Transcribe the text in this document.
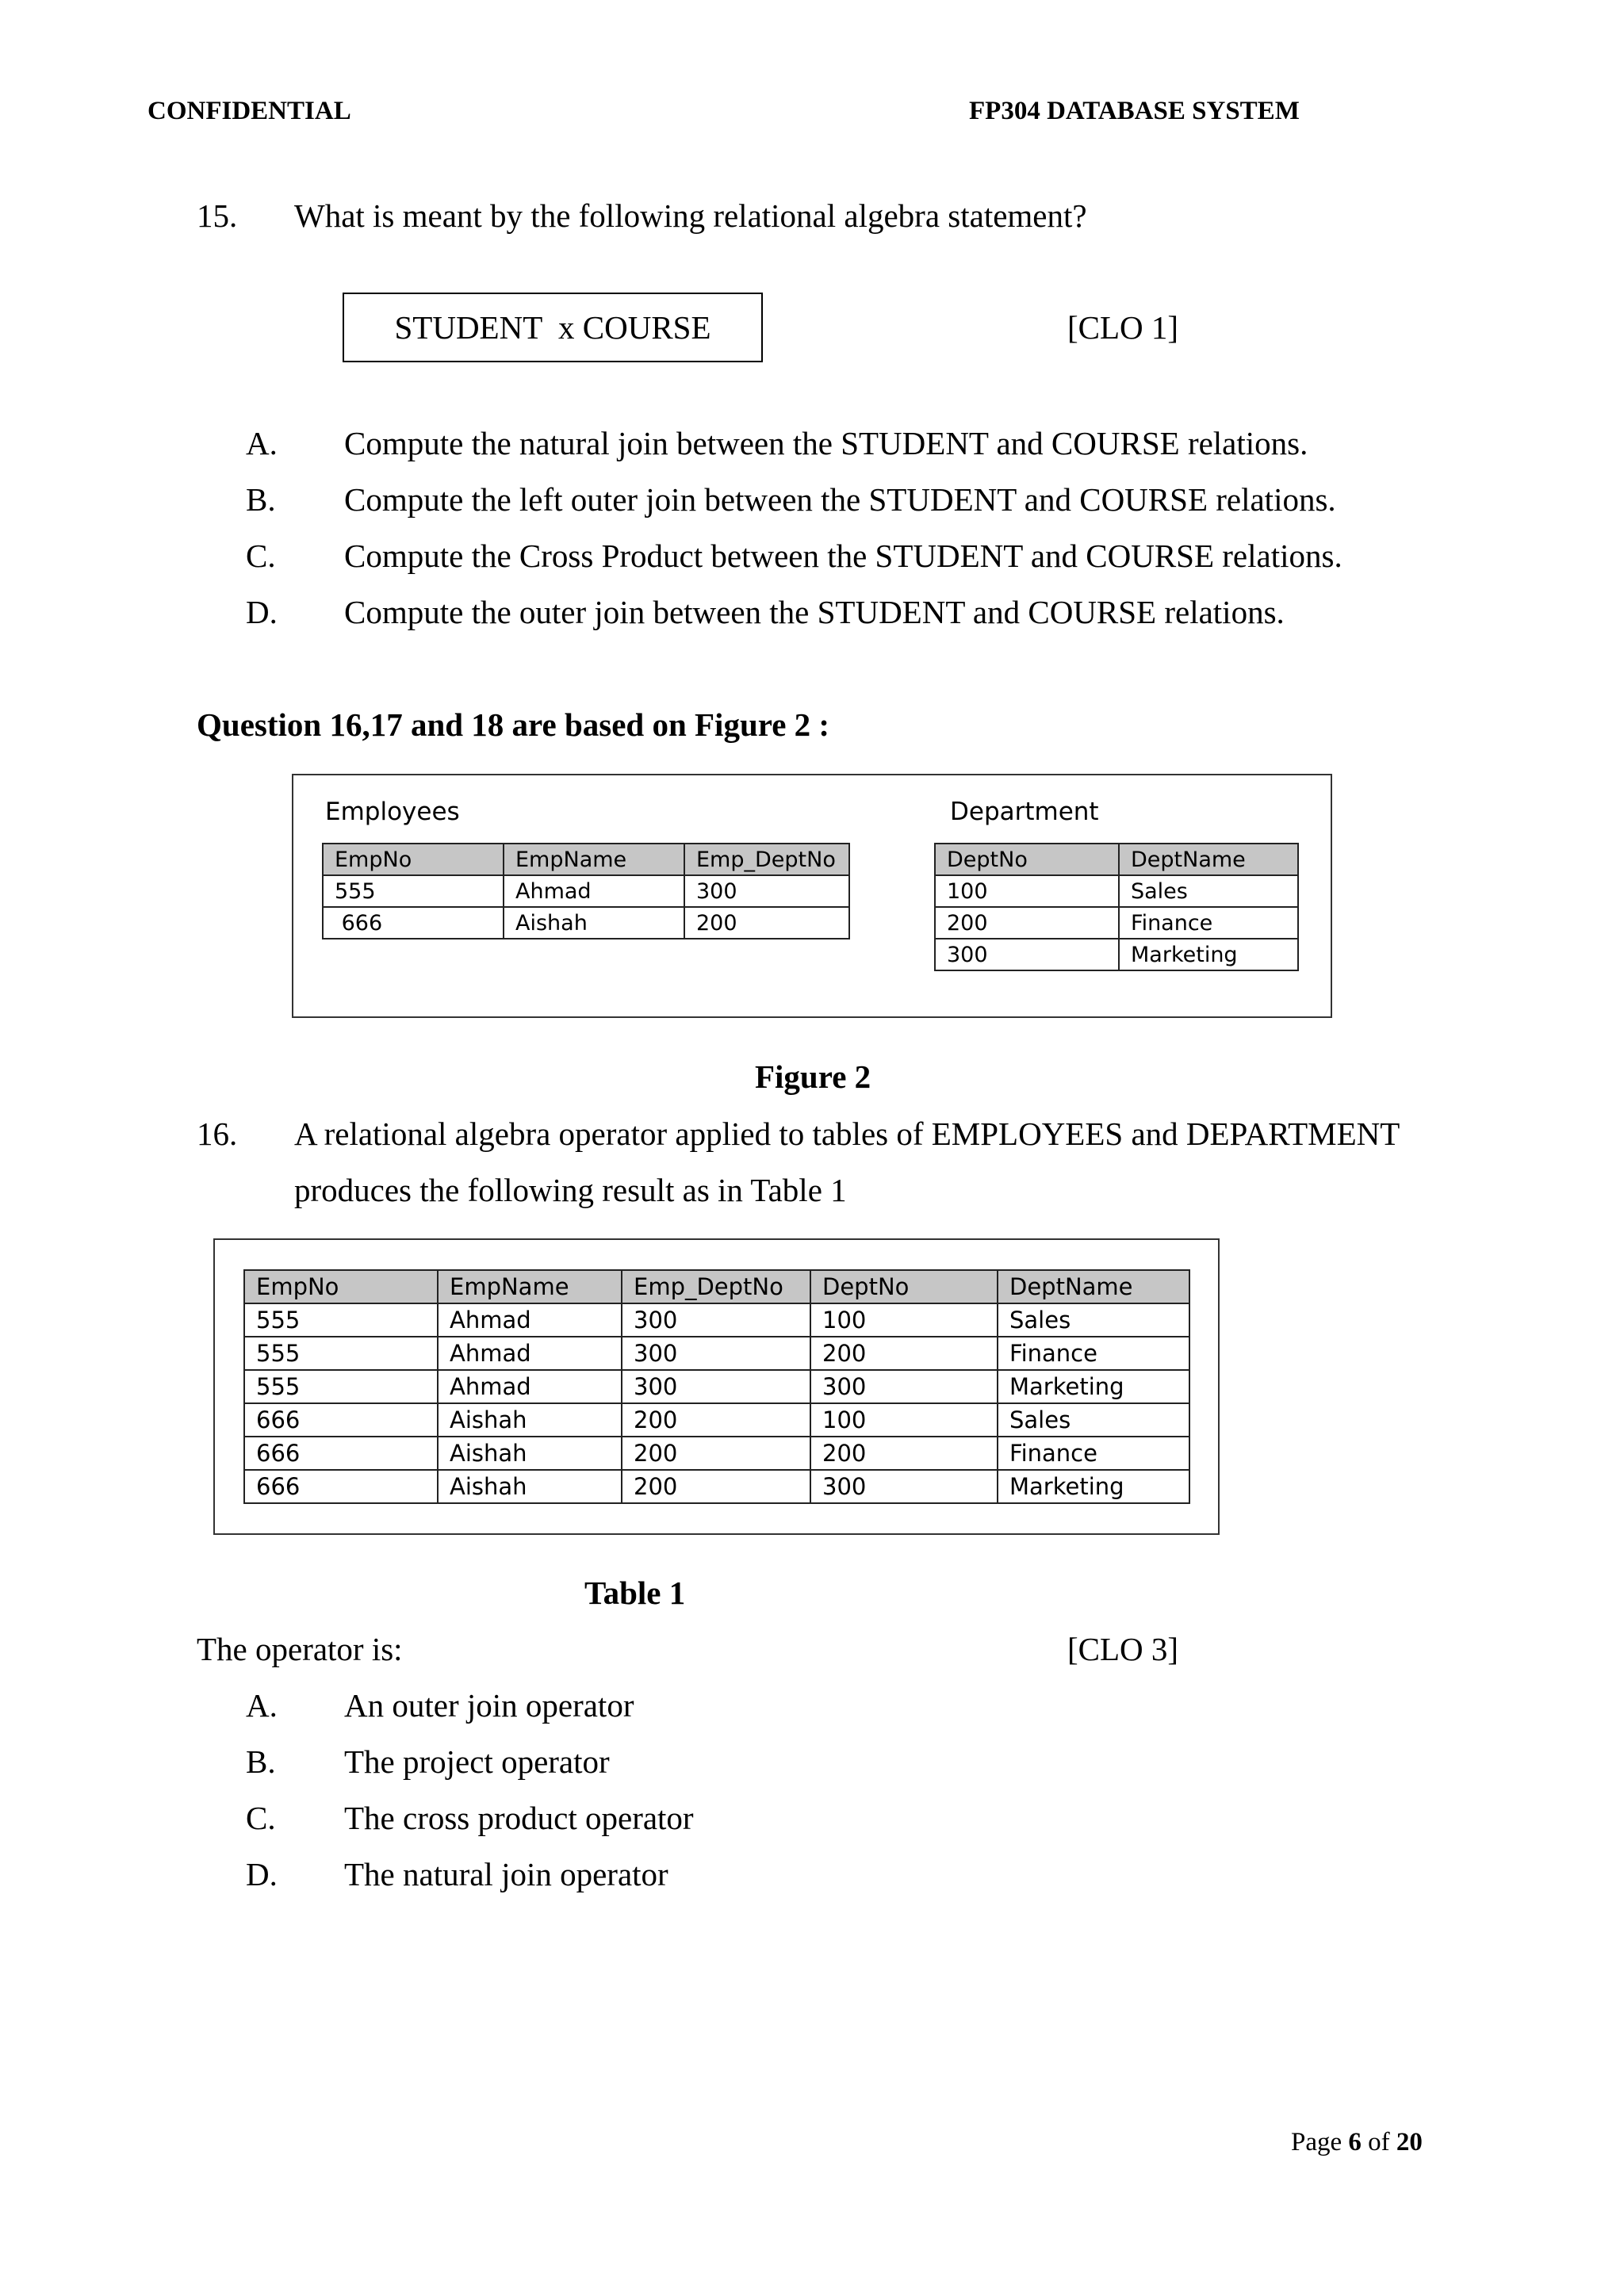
CONFIDENTIAL	FP304 DATABASE SYSTEM
15. What is meant by the following relational algebra statement?
STUDENT  x COURSE	[CLO 1]
A. Compute the natural join between the STUDENT and COURSE relations.
B. Compute the left outer join between the STUDENT and COURSE relations.
C. Compute the Cross Product between the STUDENT and COURSE relations.
D. Compute the outer join between the STUDENT and COURSE relations.
Question 16,17 and 18 are based on Figure 2 :
Employees	Department
EmpNo	EmpName	Emp_DeptNo
555	Ahmad	300
666	Aishah	200
DeptNo	DeptName
100	Sales
200	Finance
300	Marketing
Figure 2
16. A relational algebra operator applied to tables of EMPLOYEES and DEPARTMENT
produces the following result as in Table 1
EmpNo	EmpName	Emp_DeptNo	DeptNo	DeptName
555	Ahmad	300	100	Sales
555	Ahmad	300	200	Finance
555	Ahmad	300	300	Marketing
666	Aishah	200	100	Sales
666	Aishah	200	200	Finance
666	Aishah	200	300	Marketing
Table 1
The operator is:	[CLO 3]
A. An outer join operator
B. The project operator
C. The cross product operator
D. The natural join operator
Page 6 of 20
